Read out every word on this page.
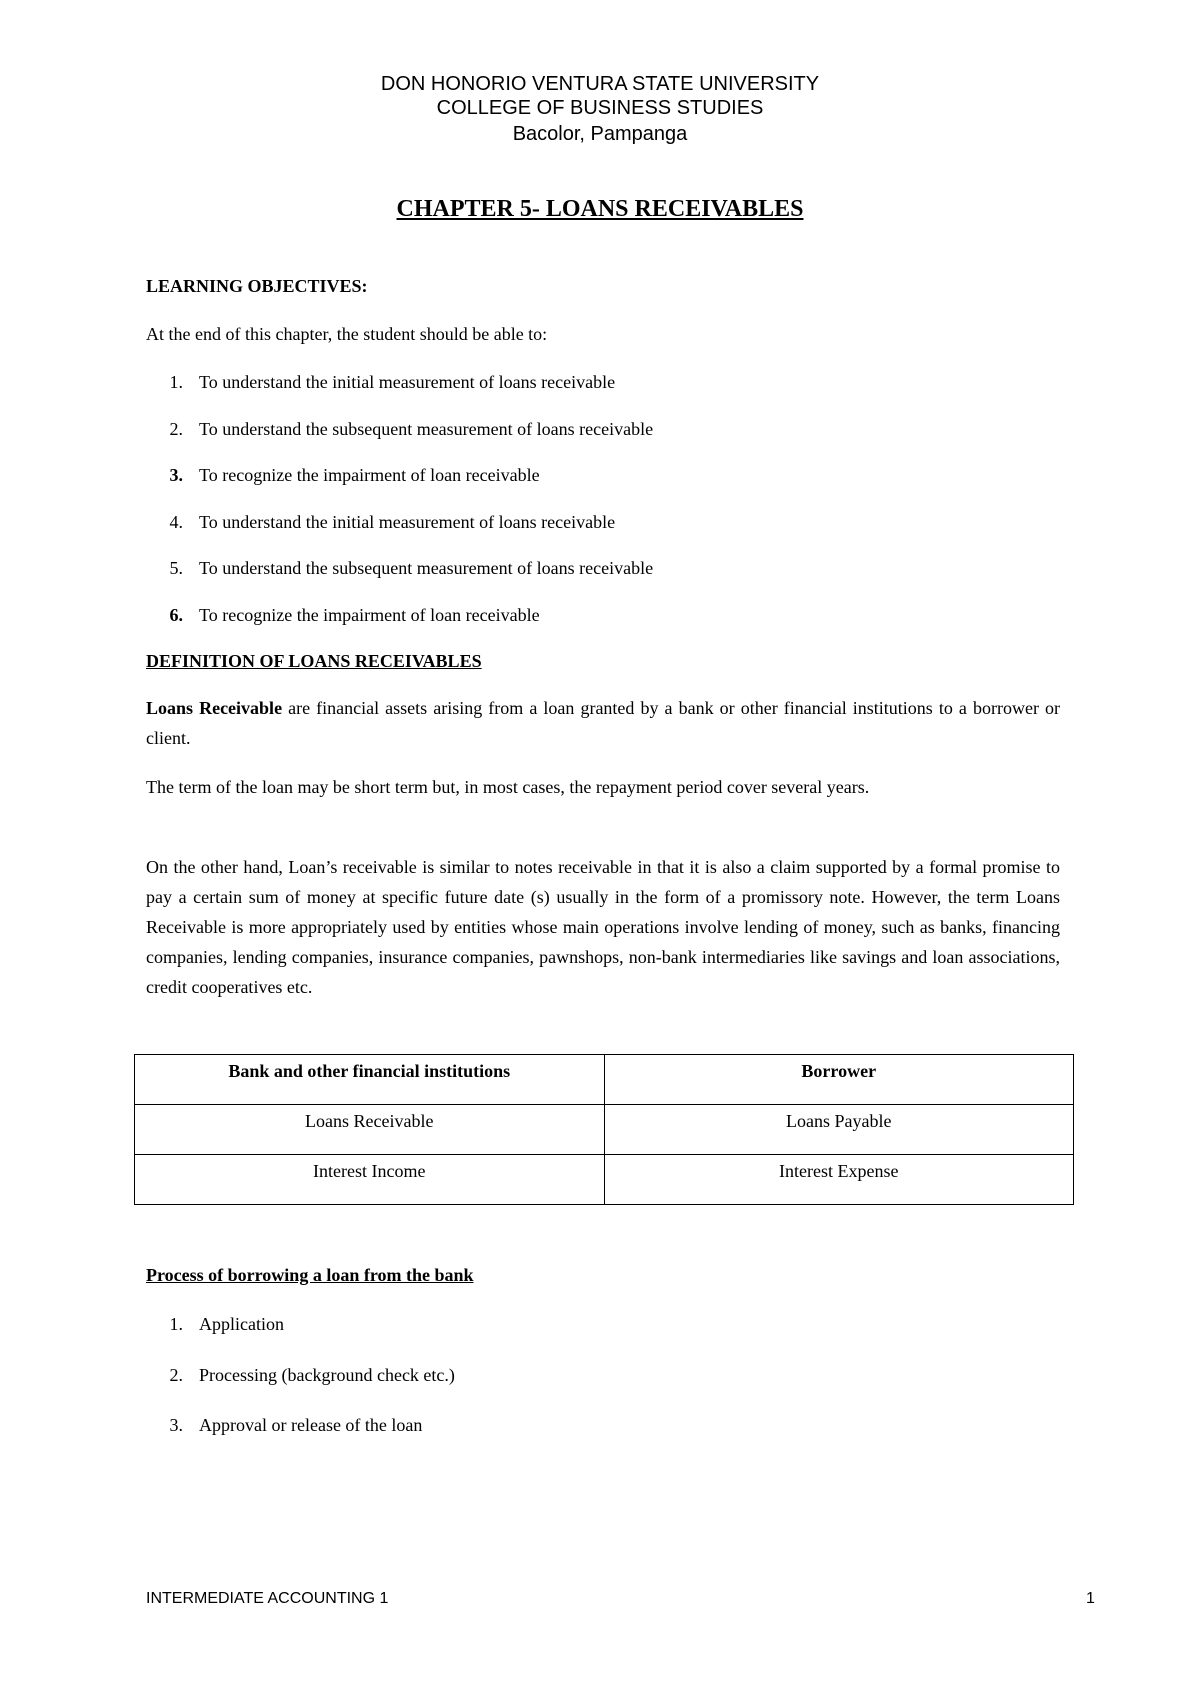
DON HONORIO VENTURA STATE UNIVERSITY
COLLEGE OF BUSINESS STUDIES
Bacolor, Pampanga
CHAPTER 5- LOANS RECEIVABLES
LEARNING OBJECTIVES:
At the end of this chapter, the student should be able to:
1. To understand the initial measurement of loans receivable
2. To understand the subsequent measurement of loans receivable
3. To recognize the impairment of loan receivable
4. To understand the initial measurement of loans receivable
5. To understand the subsequent measurement of loans receivable
6. To recognize the impairment of loan receivable
DEFINITION OF LOANS RECEIVABLES
Loans Receivable are financial assets arising from a loan granted by a bank or other financial institutions to a borrower or client.
The term of the loan may be short term but, in most cases, the repayment period cover several years.
On the other hand, Loan’s receivable is similar to notes receivable in that it is also a claim supported by a formal promise to pay a certain sum of money at specific future date (s) usually in the form of a promissory note. However, the term Loans Receivable is more appropriately used by entities whose main operations involve lending of money, such as banks, financing companies, lending companies, insurance companies, pawnshops, non-bank intermediaries like savings and loan associations, credit cooperatives etc.
Bank and other financial institutions	Borrower
Loans Receivable	Loans Payable
Interest Income	Interest Expense
Process of borrowing a loan from the bank
1. Application
2. Processing (background check etc.)
3. Approval or release of the loan
INTERMEDIATE ACCOUNTING 1	1
